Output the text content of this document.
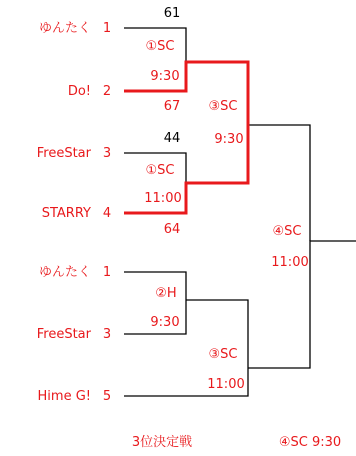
ゆんたく 1
Do! 2
FreeStar 3
STARRY 4
ゆんたく 1
FreeStar 3
Hime G! 5
61
①SC
9:30
67
44
①SC
11:00
64
③SC
9:30
②H
9:30
③SC
11:00
④SC
11:00
3位決定戦	④SC 9:30
